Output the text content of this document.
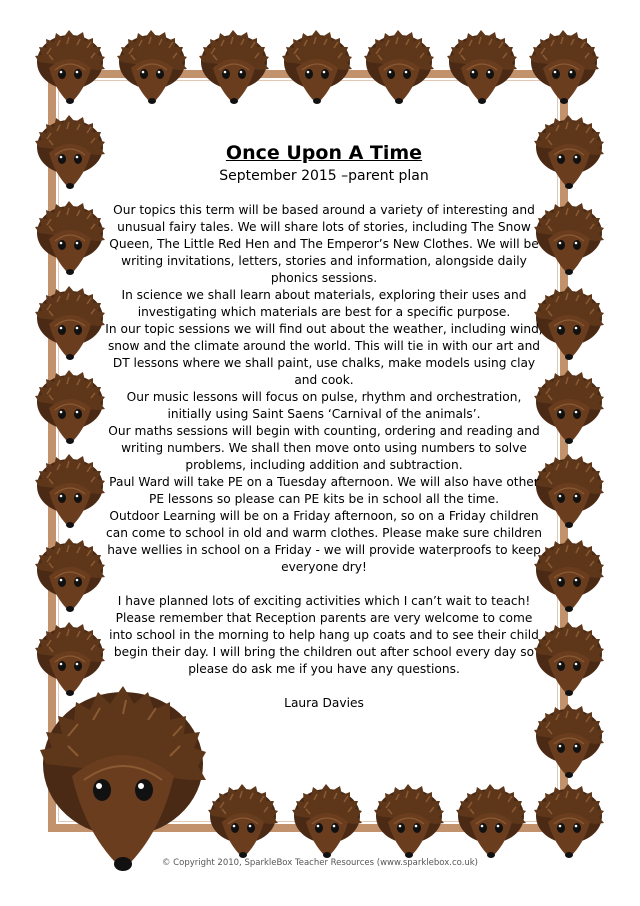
Once Upon A Time
September 2015 –parent plan

Our topics this term will be based around a variety of interesting and unusual fairy tales. We will share lots of stories, including The Snow Queen, The Little Red Hen and The Emperor’s New Clothes. We will be writing invitations, letters, stories and information, alongside daily phonics sessions.

In science we shall learn about materials, exploring their uses and investigating which materials are best for a specific purpose.

In our topic sessions we will find out about the weather, including wind, snow and the climate around the world. This will tie in with our art and DT lessons where we shall paint, use chalks, make models using clay and cook.

Our music lessons will focus on pulse, rhythm and orchestration, initially using Saint Saens ‘Carnival of the animals’.

Our maths sessions will begin with counting, ordering and reading and writing numbers. We shall then move onto using numbers to solve problems, including addition and subtraction.

Paul Ward will take PE on a Tuesday afternoon. We will also have other PE lessons so please can PE kits be in school all the time.

Outdoor Learning will be on a Friday afternoon, so on a Friday children can come to school in old and warm clothes. Please make sure children have wellies in school on a Friday - we will provide waterproofs to keep everyone dry!

I have planned lots of exciting activities which I can’t wait to teach! Please remember that Reception parents are very welcome to come into school in the morning to help hang up coats and to see their child begin their day. I will bring the children out after school every day so please do ask me if you have any questions.

Laura Davies

© Copyright 2010, SparkleBox Teacher Resources (www.sparklebox.co.uk)
